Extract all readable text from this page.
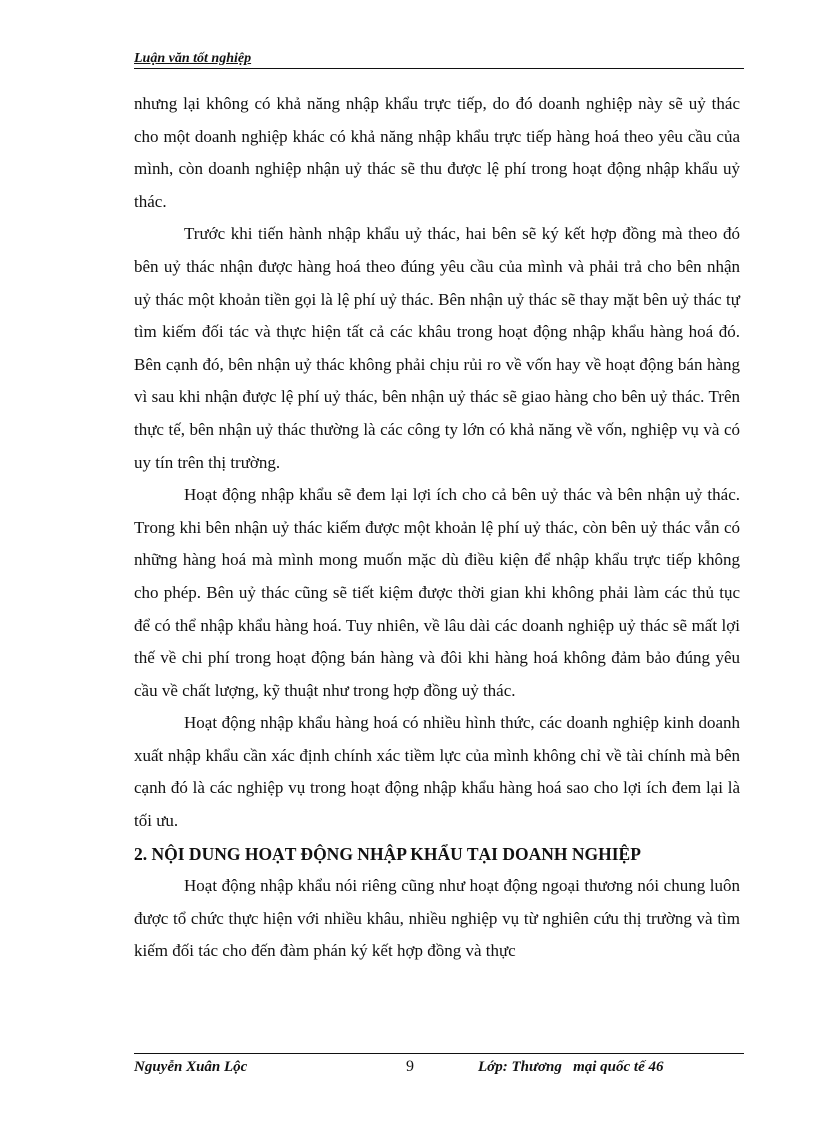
Luận văn tốt nghiệp

nhưng lại không có khả năng nhập khẩu trực tiếp, do đó doanh nghiệp này sẽ uỷ thác cho một doanh nghiệp khác có khả năng nhập khẩu trực tiếp hàng hoá theo yêu cầu của mình, còn doanh nghiệp nhận uỷ thác sẽ thu được lệ phí trong hoạt động nhập khẩu uỷ thác.

Trước khi tiến hành nhập khẩu uỷ thác, hai bên sẽ ký kết hợp đồng mà theo đó bên uỷ thác nhận được hàng hoá theo đúng yêu cầu của mình và phải trả cho bên nhận uỷ thác một khoản tiền gọi là lệ phí uỷ thác. Bên nhận uỷ thác sẽ thay mặt bên uỷ thác tự tìm kiếm đối tác và thực hiện tất cả các khâu trong hoạt động nhập khẩu hàng hoá đó. Bên cạnh đó, bên nhận uỷ thác không phải chịu rủi ro về vốn hay về hoạt động bán hàng vì sau khi nhận được lệ phí uỷ thác, bên nhận uỷ thác sẽ giao hàng cho bên uỷ thác. Trên thực tế, bên nhận uỷ thác thường là các công ty lớn có khả năng về vốn, nghiệp vụ và có uy tín trên thị trường.

Hoạt động nhập khẩu sẽ đem lại lợi ích cho cả bên uỷ thác và bên nhận uỷ thác. Trong khi bên nhận uỷ thác kiếm được một khoản lệ phí uỷ thác, còn bên uỷ thác vẫn có những hàng hoá mà mình mong muốn mặc dù điều kiện để nhập khẩu trực tiếp không cho phép. Bên uỷ thác cũng sẽ tiết kiệm được thời gian khi không phải làm các thủ tục để có thể nhập khẩu hàng hoá. Tuy nhiên, về lâu dài các doanh nghiệp uỷ thác sẽ mất lợi thế về chi phí trong hoạt động bán hàng và đôi khi hàng hoá không đảm bảo đúng yêu cầu về chất lượng, kỹ thuật như trong hợp đồng uỷ thác.

Hoạt động nhập khẩu hàng hoá có nhiều hình thức, các doanh nghiệp kinh doanh xuất nhập khẩu cần xác định chính xác tiềm lực của mình không chỉ về tài chính mà bên cạnh đó là các nghiệp vụ trong hoạt động nhập khẩu hàng hoá sao cho lợi ích đem lại là tối ưu.

2. NỘI DUNG HOẠT ĐỘNG NHẬP KHẨU TẠI DOANH NGHIỆP

Hoạt động nhập khẩu nói riêng cũng như hoạt động ngoại thương nói chung luôn được tổ chức thực hiện với nhiều khâu, nhiều nghiệp vụ từ nghiên cứu thị trường và tìm kiếm đối tác cho đến đàm phán ký kết hợp đồng và thực

Nguyễn Xuân Lộc	9	Lớp: Thương   mại quốc tế 46
